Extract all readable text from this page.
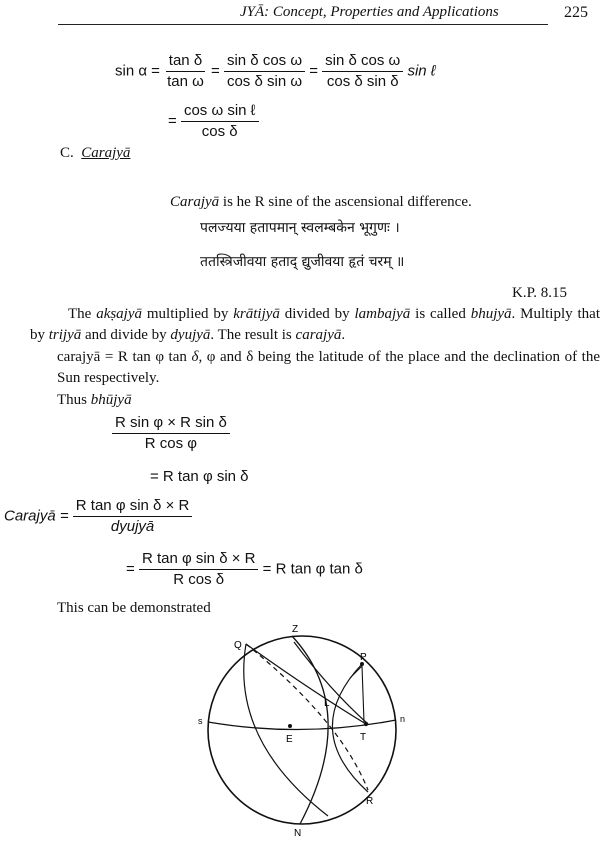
JYĀ: Concept, Properties and Applications	225
$\sin \alpha = \frac{\text{tan δ}}{\text{tan ω}} = \frac{\text{sin δ cos ω}}{\text{cos δ sin ω}} = \frac{\text{sin δ cos ω}}{\text{cos δ sin δ}}$ sin ℓ
= $\frac{\text{cos ω sin ℓ}}{\text{cos δ}}$
C. Carajyā
Carajyā is he R sine of the ascensional difference.
पलज्यया हतापमान् स्वलम्बकेन भूगुणः ।
ततस्त्रिजीवया हताद् द्युजीवया हृतं चरम् ॥
K.P. 8.15
The akṣajyā multiplied by krātijyā divided by lambajyā is called bhujyā. Multiply that by trijyā and divide by dyujyā. The result is carajyā.
carajyā = R tan φ tan δ, φ and δ being the latitude of the place and the declination of the Sun respectively.
Thus bhūjyā
$\frac{\text{R sin φ × R sin δ}}{\text{R cos φ}}$
= R tan φ sin δ
Carajyā = $\frac{\text{R tan φ sin δ × R}}{\text{dyujyā}}$
= $\frac{\text{R tan φ sin δ × R}}{\text{R cos δ}} = R$ tan φ tan δ
This can be demonstrated
Z
Q
P
L
s	n
E	T
R
N
